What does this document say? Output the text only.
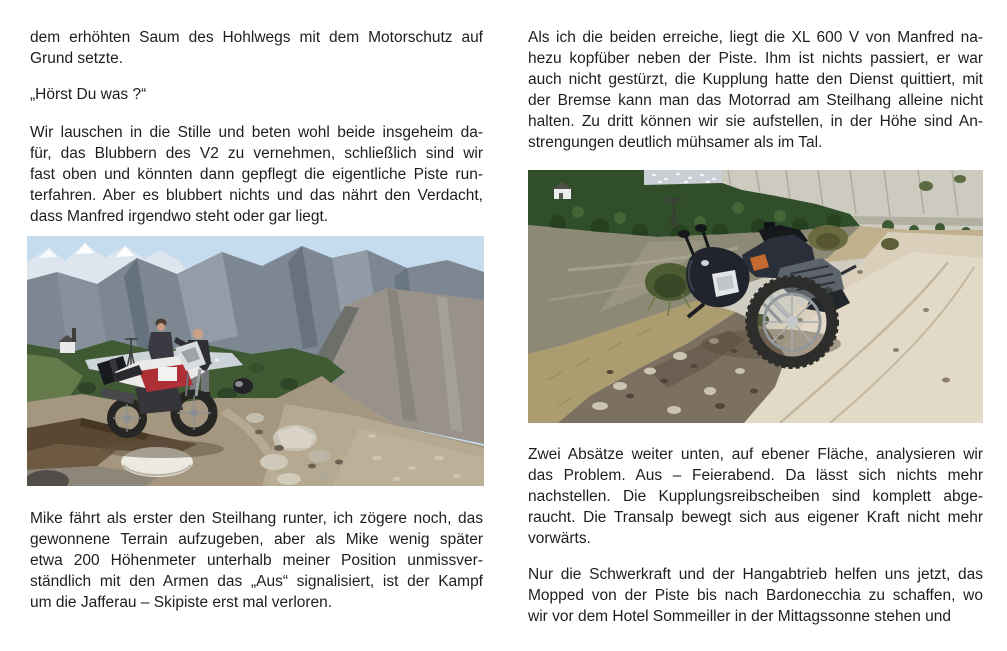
dem erhöhten Saum des Hohlwegs mit dem Motorschutz auf
Grund setzte.

„Hörst Du was ?“

Wir lauschen in die Stille und beten wohl beide insgeheim da-
für, das Blubbern des V2 zu vernehmen, schließlich sind wir
fast oben und könnten dann gepflegt die eigentliche Piste run-
terfahren. Aber es blubbert nichts und das nährt den Verdacht,
dass Manfred irgendwo steht oder gar liegt.

Mike fährt als erster den Steilhang runter, ich zögere noch, das
gewonnene Terrain aufzugeben, aber als Mike wenig später
etwa 200 Höhenmeter unterhalb meiner Position unmissver-
ständlich mit den Armen das „Aus“ signalisiert, ist der Kampf
um die Jafferau – Skipiste erst mal verloren.

Als ich die beiden erreiche, liegt die XL 600 V von Manfred na-
hezu kopfüber neben der Piste. Ihm ist nichts passiert, er war
auch nicht gestürzt, die Kupplung hatte den Dienst quittiert, mit
der Bremse kann man das Motorrad am Steilhang alleine nicht
halten. Zu dritt können wir sie aufstellen, in der Höhe sind An-
strengungen deutlich mühsamer als im Tal.

Zwei Absätze weiter unten, auf ebener Fläche, analysieren wir
das Problem. Aus – Feierabend. Da lässt sich nichts mehr
nachstellen. Die Kupplungsreibscheiben sind komplett abge-
raucht. Die Transalp bewegt sich aus eigener Kraft nicht mehr
vorwärts.

Nur die Schwerkraft und der Hangabtrieb helfen uns jetzt, das
Mopped von der Piste bis nach Bardonecchia zu schaffen, wo
wir vor dem Hotel Sommeiller in der Mittagssonne stehen und
